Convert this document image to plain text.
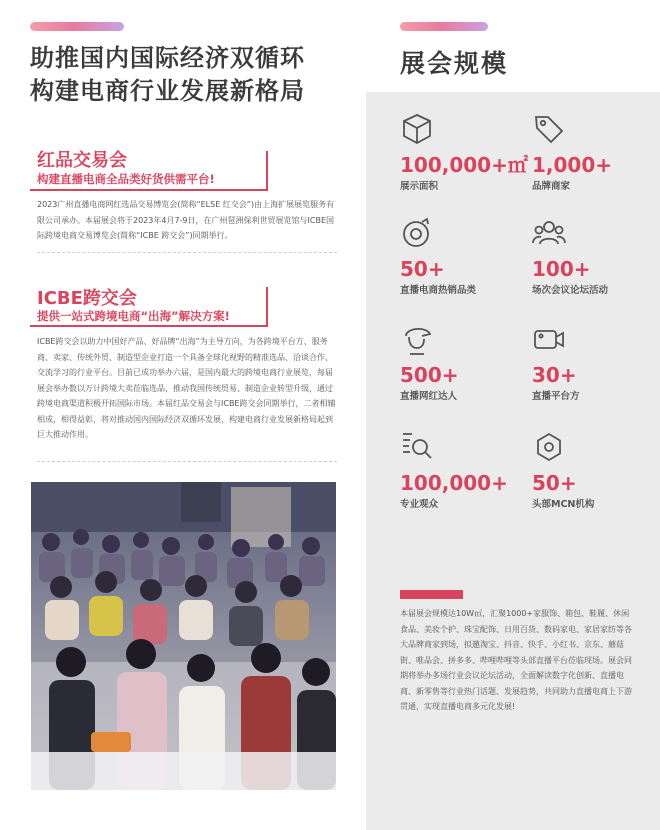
助推国内国际经济双循环
构建电商行业发展新格局
红品交易会
构建直播电商全品类好货供需平台!
2023广州直播电商网红选品交易博览会(简称“ELSE 红交会”)由上海扩展展览服务有限公司承办。本届展会将于2023年4月7-9日，在广州琶洲保利世贸展览馆与ICBE国际跨境电商交易博览会(简称“ICBE 跨交会”)同期举行。
ICBE跨交会
提供一站式跨境电商“出海”解决方案!
ICBE跨交会以助力中国好产品、好品牌“出海”为主导方向，为各跨境平台方、服务商、卖家、传统外贸、制造型企业打造一个具备全球化视野的精准选品、洽谈合作、交流学习的行业平台。目前已成功举办六届，是国内最大的跨境电商行业展览，每届展会举办数以万计跨境大卖莅临选品，推动我国传统贸易、制造企业转型升级，通过跨境电商渠道积极开拓国际市场。本届红品交易会与ICBE跨交会同期举行，二者相辅相成，相得益彰，将对推动国内国际经济双循环发展，构建电商行业发展新格局起到巨大推动作用。
展会规模
100,000+㎡
展示面积
1,000+
品牌商家
50+
直播电商热销品类
100+
场次会议论坛活动
500+
直播网红达人
30+
直播平台方
100,000+
专业观众
50+
头部MCN机构
本届展会规模达10W㎡，汇聚1000+家服饰、箱包、鞋履、休闲食品、美妆个护、珠宝配饰、日用百货、数码家电、家居家纺等各大品牌商家到场，拟邀淘宝、抖音、快手、小红书、京东、蘑菇街、唯品会、拼多多、哔哩哔哩等头部直播平台莅临现场。展会同期将举办多场行业会议论坛活动，全面解读数字化创新、直播电商、新零售等行业热门话题、发展趋势，共同助力直播电商上下游贯通，实现直播电商多元化发展!
